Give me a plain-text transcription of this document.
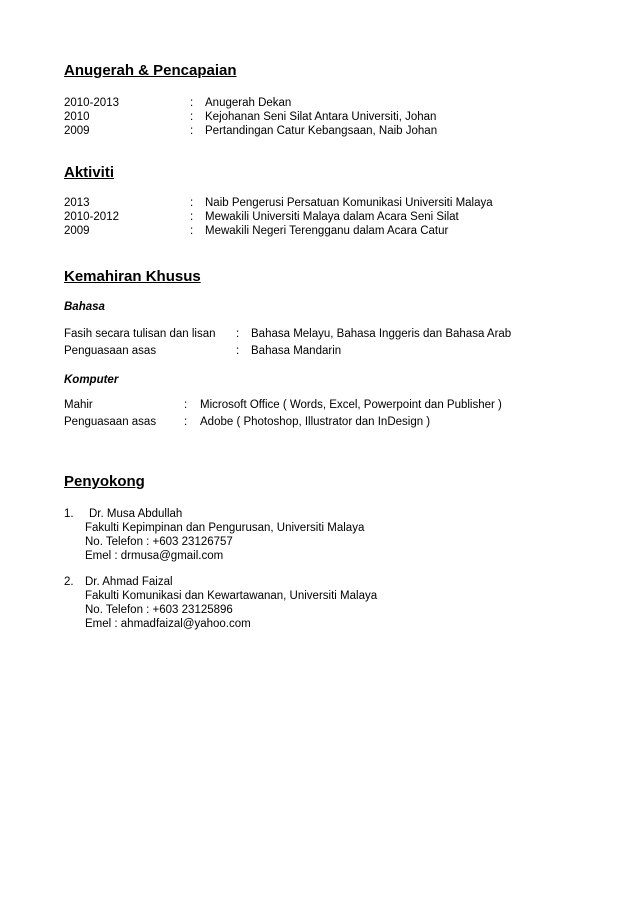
Anugerah & Pencapaian
2010-2013	: Anugerah Dekan
2010	: Kejohanan Seni Silat Antara Universiti, Johan
2009	: Pertandingan Catur Kebangsaan, Naib Johan
Aktiviti
2013	: Naib Pengerusi Persatuan Komunikasi Universiti Malaya
2010-2012	: Mewakili Universiti Malaya dalam Acara Seni Silat
2009	: Mewakili Negeri Terengganu dalam Acara Catur
Kemahiran Khusus
Bahasa
Fasih secara tulisan dan lisan : Bahasa Melayu, Bahasa Inggeris dan Bahasa Arab
Penguasaan asas	: Bahasa Mandarin
Komputer
Mahir	: Microsoft Office ( Words, Excel, Powerpoint dan Publisher )
Penguasaan asas : Adobe ( Photoshop, Illustrator dan InDesign )
Penyokong
1. Dr. Musa Abdullah
Fakulti Kepimpinan dan Pengurusan, Universiti Malaya
No. Telefon : +603 23126757
Emel : drmusa@gmail.com
2. Dr. Ahmad Faizal
Fakulti Komunikasi dan Kewartawanan, Universiti Malaya
No. Telefon : +603 23125896
Emel : ahmadfaizal@yahoo.com
